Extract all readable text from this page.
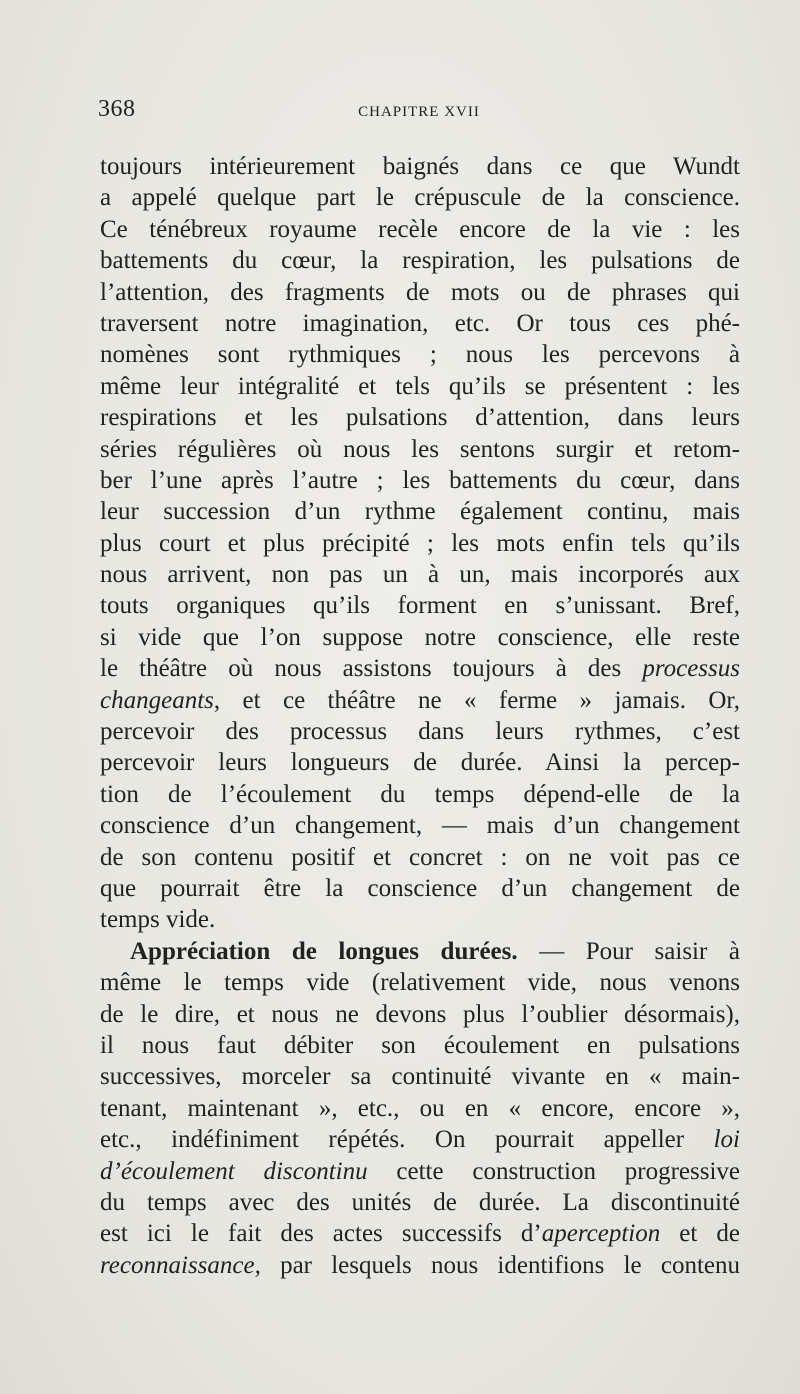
368	CHAPITRE XVII
toujours intérieurement baignés dans ce que Wundt
a appelé quelque part le crépuscule de la conscience.
Ce ténébreux royaume recèle encore de la vie : les
battements du cœur, la respiration, les pulsations de
l’attention, des fragments de mots ou de phrases qui
traversent notre imagination, etc. Or tous ces phé-
nomènes sont rythmiques ; nous les percevons à
même leur intégralité et tels qu’ils se présentent : les
respirations et les pulsations d’attention, dans leurs
séries régulières où nous les sentons surgir et retom-
ber l’une après l’autre ; les battements du cœur, dans
leur succession d’un rythme également continu, mais
plus court et plus précipité ; les mots enfin tels qu’ils
nous arrivent, non pas un à un, mais incorporés aux
touts organiques qu’ils forment en s’unissant. Bref,
si vide que l’on suppose notre conscience, elle reste
le théâtre où nous assistons toujours à des processus
changeants, et ce théâtre ne « ferme » jamais. Or,
percevoir des processus dans leurs rythmes, c’est
percevoir leurs longueurs de durée. Ainsi la percep-
tion de l’écoulement du temps dépend-elle de la
conscience d’un changement, — mais d’un changement
de son contenu positif et concret : on ne voit pas ce
que pourrait être la conscience d’un changement de
temps vide.
Appréciation de longues durées. — Pour saisir à
même le temps vide (relativement vide, nous venons
de le dire, et nous ne devons plus l’oublier désormais),
il nous faut débiter son écoulement en pulsations
successives, morceler sa continuité vivante en « main-
tenant, maintenant », etc., ou en « encore, encore »,
etc., indéfiniment répétés. On pourrait appeller loi
d’écoulement discontinu cette construction progressive
du temps avec des unités de durée. La discontinuité
est ici le fait des actes successifs d’aperception et de
reconnaissance, par lesquels nous identifions le contenu
